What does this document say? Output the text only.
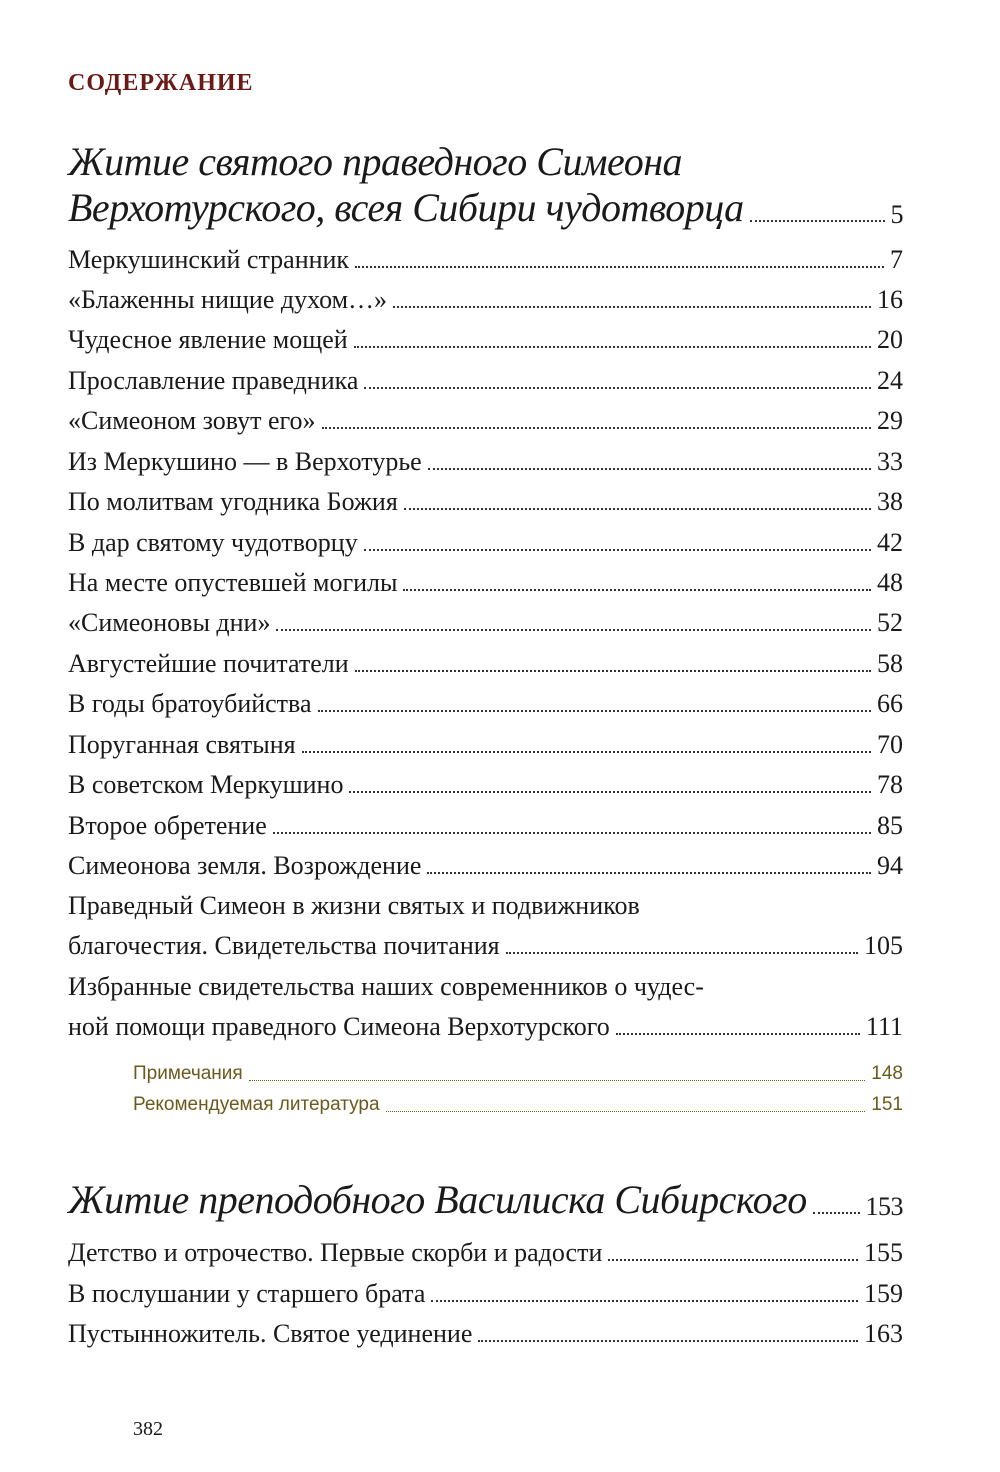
СОДЕРЖАНИЕ
Житие святого праведного Симеона
Верхотурского, всея Сибири чудотворца	5
Меркушинский странник	7
«Блаженны нищие духом…»	16
Чудесное явление мощей	20
Прославление праведника	24
«Симеоном зовут его»	29
Из Меркушино — в Верхотурье	33
По молитвам угодника Божия	38
В дар святому чудотворцу	42
На месте опустевшей могилы	48
«Симеоновы дни»	52
Августейшие почитатели	58
В годы братоубийства	66
Поруганная святыня	70
В советском Меркушино	78
Второе обретение	85
Симеонова земля. Возрождение	94
Праведный Симеон в жизни святых и подвижников
благочестия. Свидетельства почитания	105
Избранные свидетельства наших современников о чудес-
ной помощи праведного Симеона Верхотурского	111
Примечания	148
Рекомендуемая литература	151
Житие преподобного Василиска Сибирского 153
Детство и отрочество. Первые скорби и радости	155
В послушании у старшего брата	159
Пустынножитель. Святое уединение	163
382
